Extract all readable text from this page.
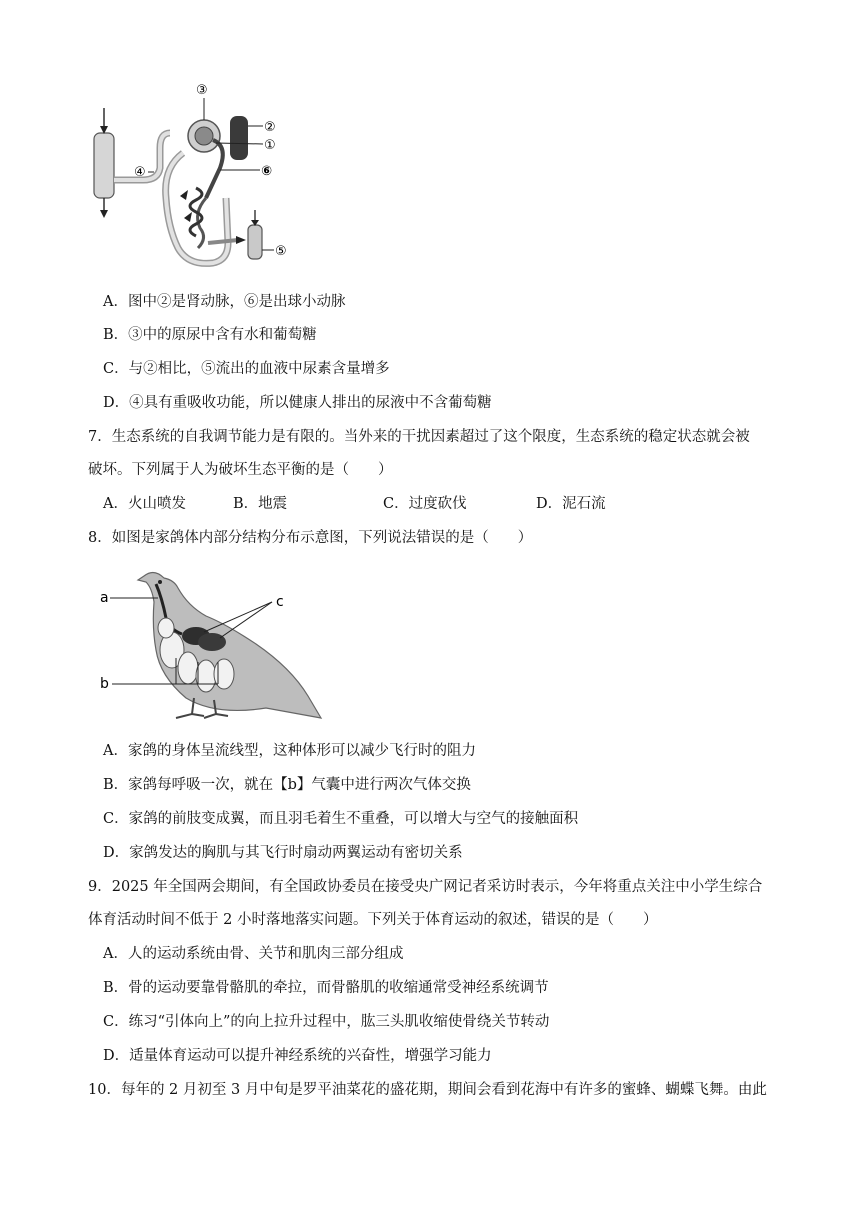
③
②
①
⑥
④
⑤
A．图中②是肾动脉，⑥是出球小动脉
B．③中的原尿中含有水和葡萄糖
C．与②相比，⑤流出的血液中尿素含量增多
D．④具有重吸收功能，所以健康人排出的尿液中不含葡萄糖
7．生态系统的自我调节能力是有限的。当外来的干扰因素超过了这个限度，生态系统的稳定状态就会被
破坏。下列属于人为破坏生态平衡的是（　　）
A．火山喷发	B．地震	C．过度砍伐	D．泥石流
8．如图是家鸽体内部分结构分布示意图，下列说法错误的是（　　）
a
b
c
A．家鸽的身体呈流线型，这种体形可以减少飞行时的阻力
B．家鸽每呼吸一次，就在【b】气囊中进行两次气体交换
C．家鸽的前肢变成翼，而且羽毛着生不重叠，可以增大与空气的接触面积
D．家鸽发达的胸肌与其飞行时扇动两翼运动有密切关系
9．2025 年全国两会期间，有全国政协委员在接受央广网记者采访时表示，今年将重点关注中小学生综合
体育活动时间不低于 2 小时落地落实问题。下列关于体育运动的叙述，错误的是（　　）
A．人的运动系统由骨、关节和肌肉三部分组成
B．骨的运动要靠骨骼肌的牵拉，而骨骼肌的收缩通常受神经系统调节
C．练习“引体向上”的向上拉升过程中，肱三头肌收缩使骨绕关节转动
D．适量体育运动可以提升神经系统的兴奋性，增强学习能力
10．每年的 2 月初至 3 月中旬是罗平油菜花的盛花期，期间会看到花海中有许多的蜜蜂、蝴蝶飞舞。由此
